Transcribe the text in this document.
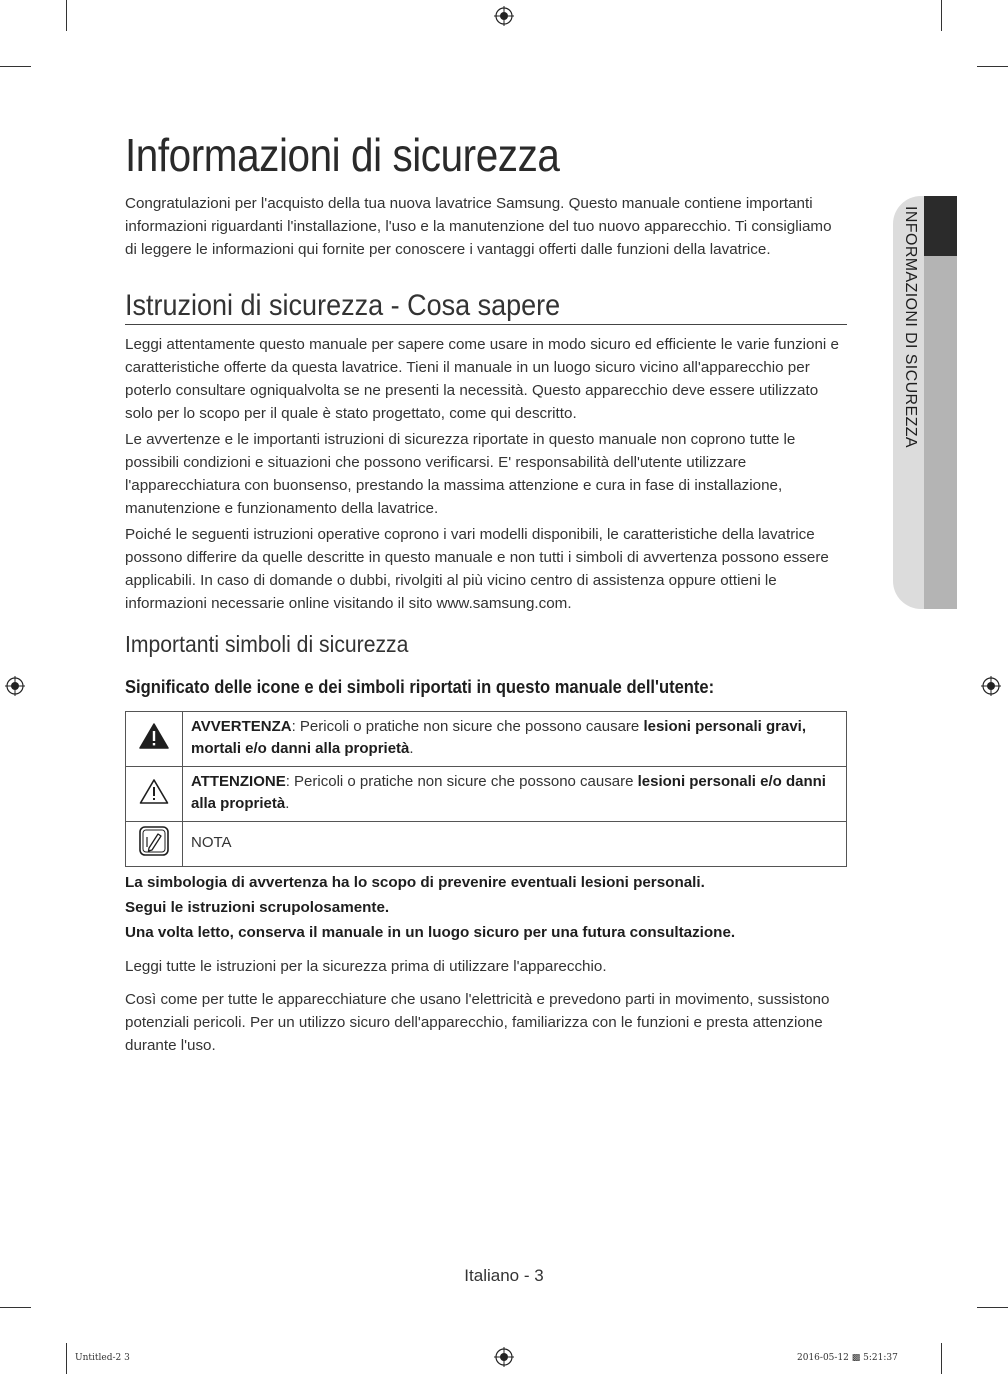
INFORMAZIONI DI SICUREZZA
Informazioni di sicurezza

Congratulazioni per l'acquisto della tua nuova lavatrice Samsung. Questo manuale contiene importanti informazioni riguardanti l'installazione, l'uso e la manutenzione del tuo nuovo apparecchio. Ti consigliamo di leggere le informazioni qui fornite per conoscere i vantaggi offerti dalle funzioni della lavatrice.

Istruzioni di sicurezza - Cosa sapere

Leggi attentamente questo manuale per sapere come usare in modo sicuro ed efficiente le varie funzioni e caratteristiche offerte da questa lavatrice. Tieni il manuale in un luogo sicuro vicino all'apparecchio per poterlo consultare ogniqualvolta se ne presenti la necessità. Questo apparecchio deve essere utilizzato solo per lo scopo per il quale è stato progettato, come qui descritto.

Le avvertenze e le importanti istruzioni di sicurezza riportate in questo manuale non coprono tutte le possibili condizioni e situazioni che possono verificarsi. E' responsabilità dell'utente utilizzare l'apparecchiatura con buonsenso, prestando la massima attenzione e cura in fase di installazione, manutenzione e funzionamento della lavatrice.

Poiché le seguenti istruzioni operative coprono i vari modelli disponibili, le caratteristiche della lavatrice possono differire da quelle descritte in questo manuale e non tutti i simboli di avvertenza possono essere applicabili. In caso di domande o dubbi, rivolgiti al più vicino centro di assistenza oppure ottieni le informazioni necessarie online visitando il sito www.samsung.com.

Importanti simboli di sicurezza
Significato delle icone e dei simboli riportati in questo manuale dell'utente:
	AVVERTENZA: Pericoli o pratiche non sicure che possono causare lesioni personali gravi, mortali e/o danni alla proprietà.
	ATTENZIONE: Pericoli o pratiche non sicure che possono causare lesioni personali e/o danni alla proprietà.
	NOTA

La simbologia di avvertenza ha lo scopo di prevenire eventuali lesioni personali.

Segui le istruzioni scrupolosamente.

Una volta letto, conserva il manuale in un luogo sicuro per una futura consultazione.

Leggi tutte le istruzioni per la sicurezza prima di utilizzare l'apparecchio.

Così come per tutte le apparecchiature che usano l'elettricità e prevedono parti in movimento, sussistono potenziali pericoli. Per un utilizzo sicuro dell'apparecchio, familiarizza con le funzioni e presta attenzione durante l'uso.

Italiano - 3
Untitled-2 3	2016-05-12 ▩ 5:21:37
